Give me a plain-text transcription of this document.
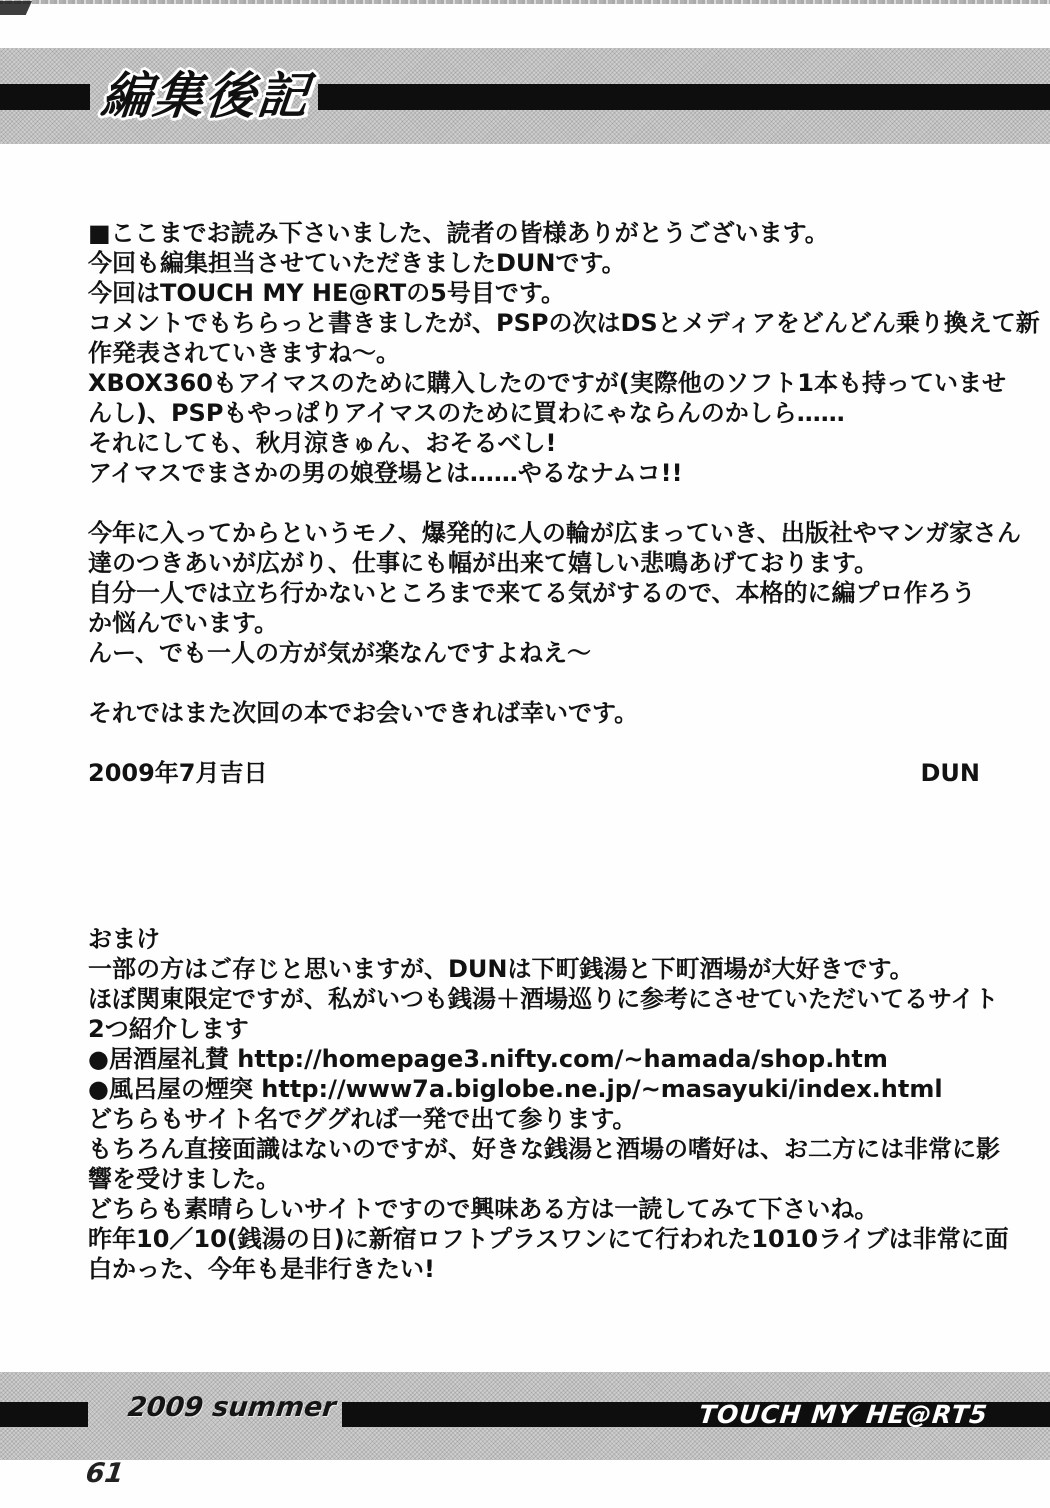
編集後記
■ここまでお読み下さいました、読者の皆様ありがとうございます。
今回も編集担当させていただきましたDUNです。
今回はTOUCH MY HE@RTの5号目です。
コメントでもちらっと書きましたが、PSPの次はDSとメディアをどんどん乗り換えて新
作発表されていきますね～。
XBOX360もアイマスのために購入したのですが(実際他のソフト1本も持っていませ
んし)、PSPもやっぱりアイマスのために買わにゃならんのかしら……
それにしても、秋月涼きゅん、おそるべし!
アイマスでまさかの男の娘登場とは……やるなナムコ!!
今年に入ってからというモノ、爆発的に人の輪が広まっていき、出版社やマンガ家さん
達のつきあいが広がり、仕事にも幅が出来て嬉しい悲鳴あげております。
自分一人では立ち行かないところまで来てる気がするので、本格的に編プロ作ろう
か悩んでいます。
んー、でも一人の方が気が楽なんですよねえ～
それではまた次回の本でお会いできれば幸いです。
2009年7月吉日	DUN
おまけ
一部の方はご存じと思いますが、DUNは下町銭湯と下町酒場が大好きです。
ほぼ関東限定ですが、私がいつも銭湯＋酒場巡りに参考にさせていただいてるサイト
2つ紹介します
●居酒屋礼賛 http://homepage3.nifty.com/~hamada/shop.htm
●風呂屋の煙突 http://www7a.biglobe.ne.jp/~masayuki/index.html
どちらもサイト名でググれば一発で出て参ります。
もちろん直接面識はないのですが、好きな銭湯と酒場の嗜好は、お二方には非常に影
響を受けました。
どちらも素晴らしいサイトですので興味ある方は一読してみて下さいね。
昨年10／10(銭湯の日)に新宿ロフトプラスワンにて行われた1010ライブは非常に面
白かった、今年も是非行きたい!
2009 summer	TOUCH MY HE@RT5
61
